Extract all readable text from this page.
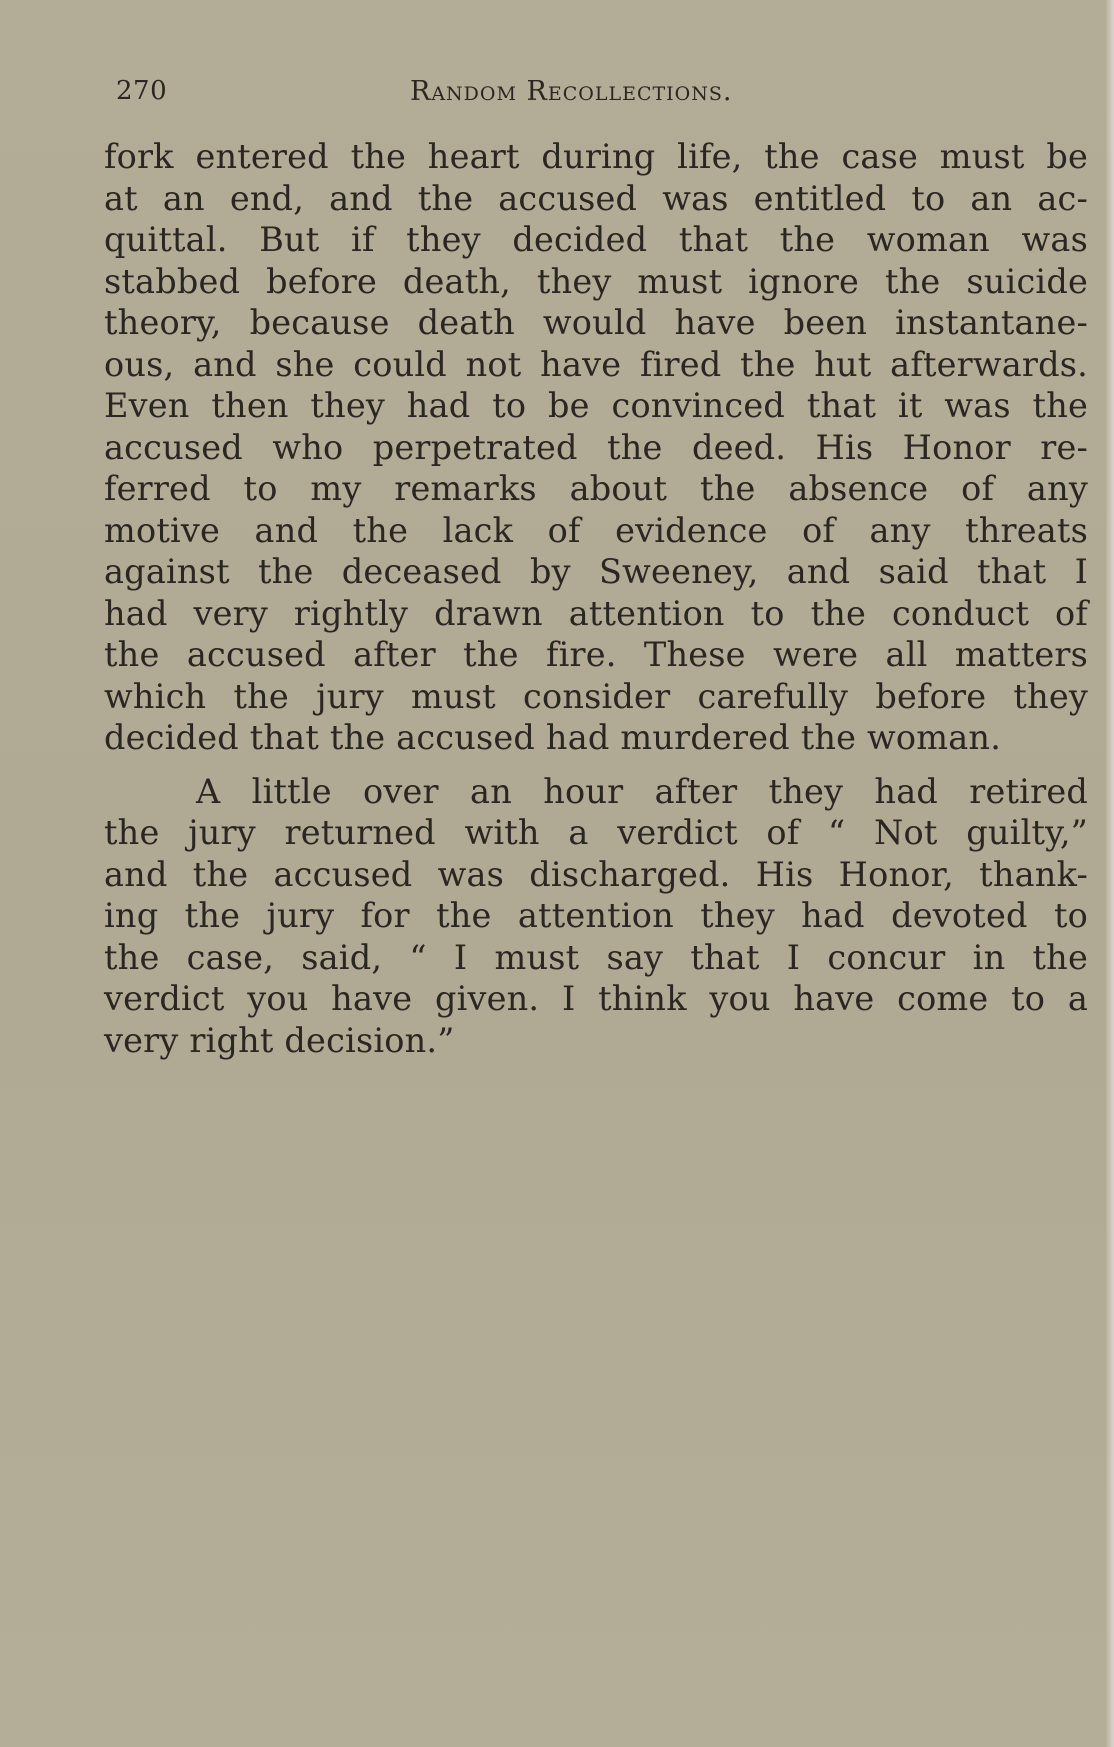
270	Random Recollections.
fork entered the heart during life, the case must be
at an end, and the accused was entitled to an ac-
quittal. But if they decided that the woman was
stabbed before death, they must ignore the suicide
theory, because death would have been instantane-
ous, and she could not have fired the hut afterwards.
Even then they had to be convinced that it was the
accused who perpetrated the deed. His Honor re-
ferred to my remarks about the absence of any
motive and the lack of evidence of any threats
against the deceased by Sweeney, and said that I
had very rightly drawn attention to the conduct of
the accused after the fire. These were all matters
which the jury must consider carefully before they
decided that the accused had murdered the woman.
A little over an hour after they had retired
the jury returned with a verdict of “ Not guilty,”
and the accused was discharged. His Honor, thank-
ing the jury for the attention they had devoted to
the case, said, “ I must say that I concur in the
verdict you have given. I think you have come to a
very right decision.”
